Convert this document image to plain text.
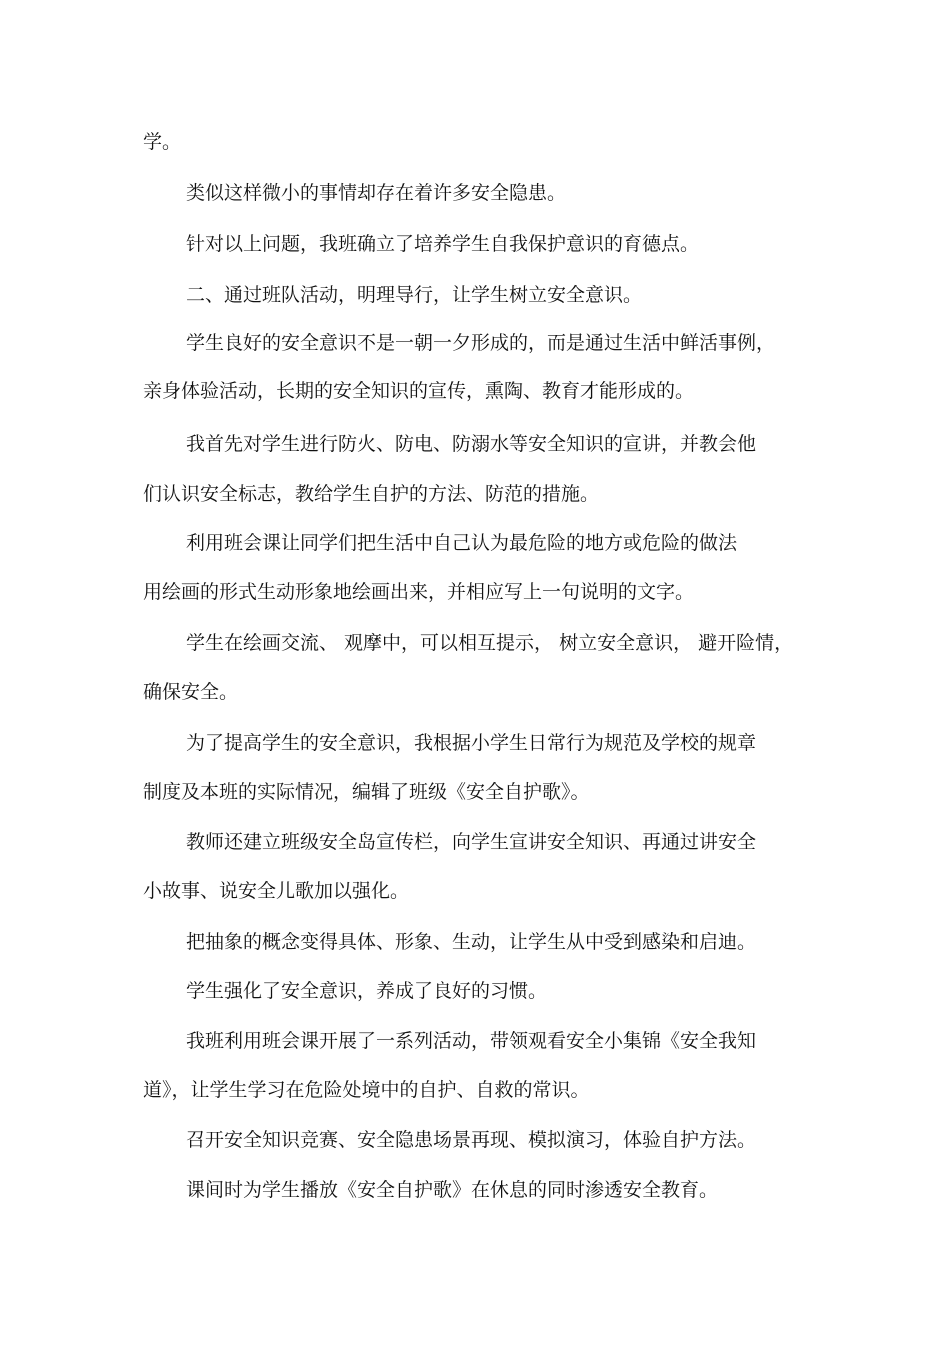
学。
类似这样微小的事情却存在着许多安全隐患。
针对以上问题，我班确立了培养学生自我保护意识的育德点。
二、通过班队活动，明理导行，让学生树立安全意识。
学生良好的安全意识不是一朝一夕形成的，而是通过生活中鲜活事例，
亲身体验活动，长期的安全知识的宣传，熏陶、教育才能形成的。
我首先对学生进行防火、防电、防溺水等安全知识的宣讲，并教会他
们认识安全标志，教给学生自护的方法、防范的措施。
利用班会课让同学们把生活中自己认为最危险的地方或危险的做法
用绘画的形式生动形象地绘画出来，并相应写上一句说明的文字。
学生在绘画交流、 观摩中，可以相互提示， 树立安全意识， 避开险情，
确保安全。
为了提高学生的安全意识，我根据小学生日常行为规范及学校的规章
制度及本班的实际情况，编辑了班级《安全自护歌》。
教师还建立班级安全岛宣传栏，向学生宣讲安全知识、再通过讲安全
小故事、说安全儿歌加以强化。
把抽象的概念变得具体、形象、生动，让学生从中受到感染和启迪。
学生强化了安全意识，养成了良好的习惯。
我班利用班会课开展了一系列活动，带领观看安全小集锦《安全我知
道》，让学生学习在危险处境中的自护、自救的常识。
召开安全知识竞赛、安全隐患场景再现、模拟演习，体验自护方法。
课间时为学生播放《安全自护歌》在休息的同时渗透安全教育。
